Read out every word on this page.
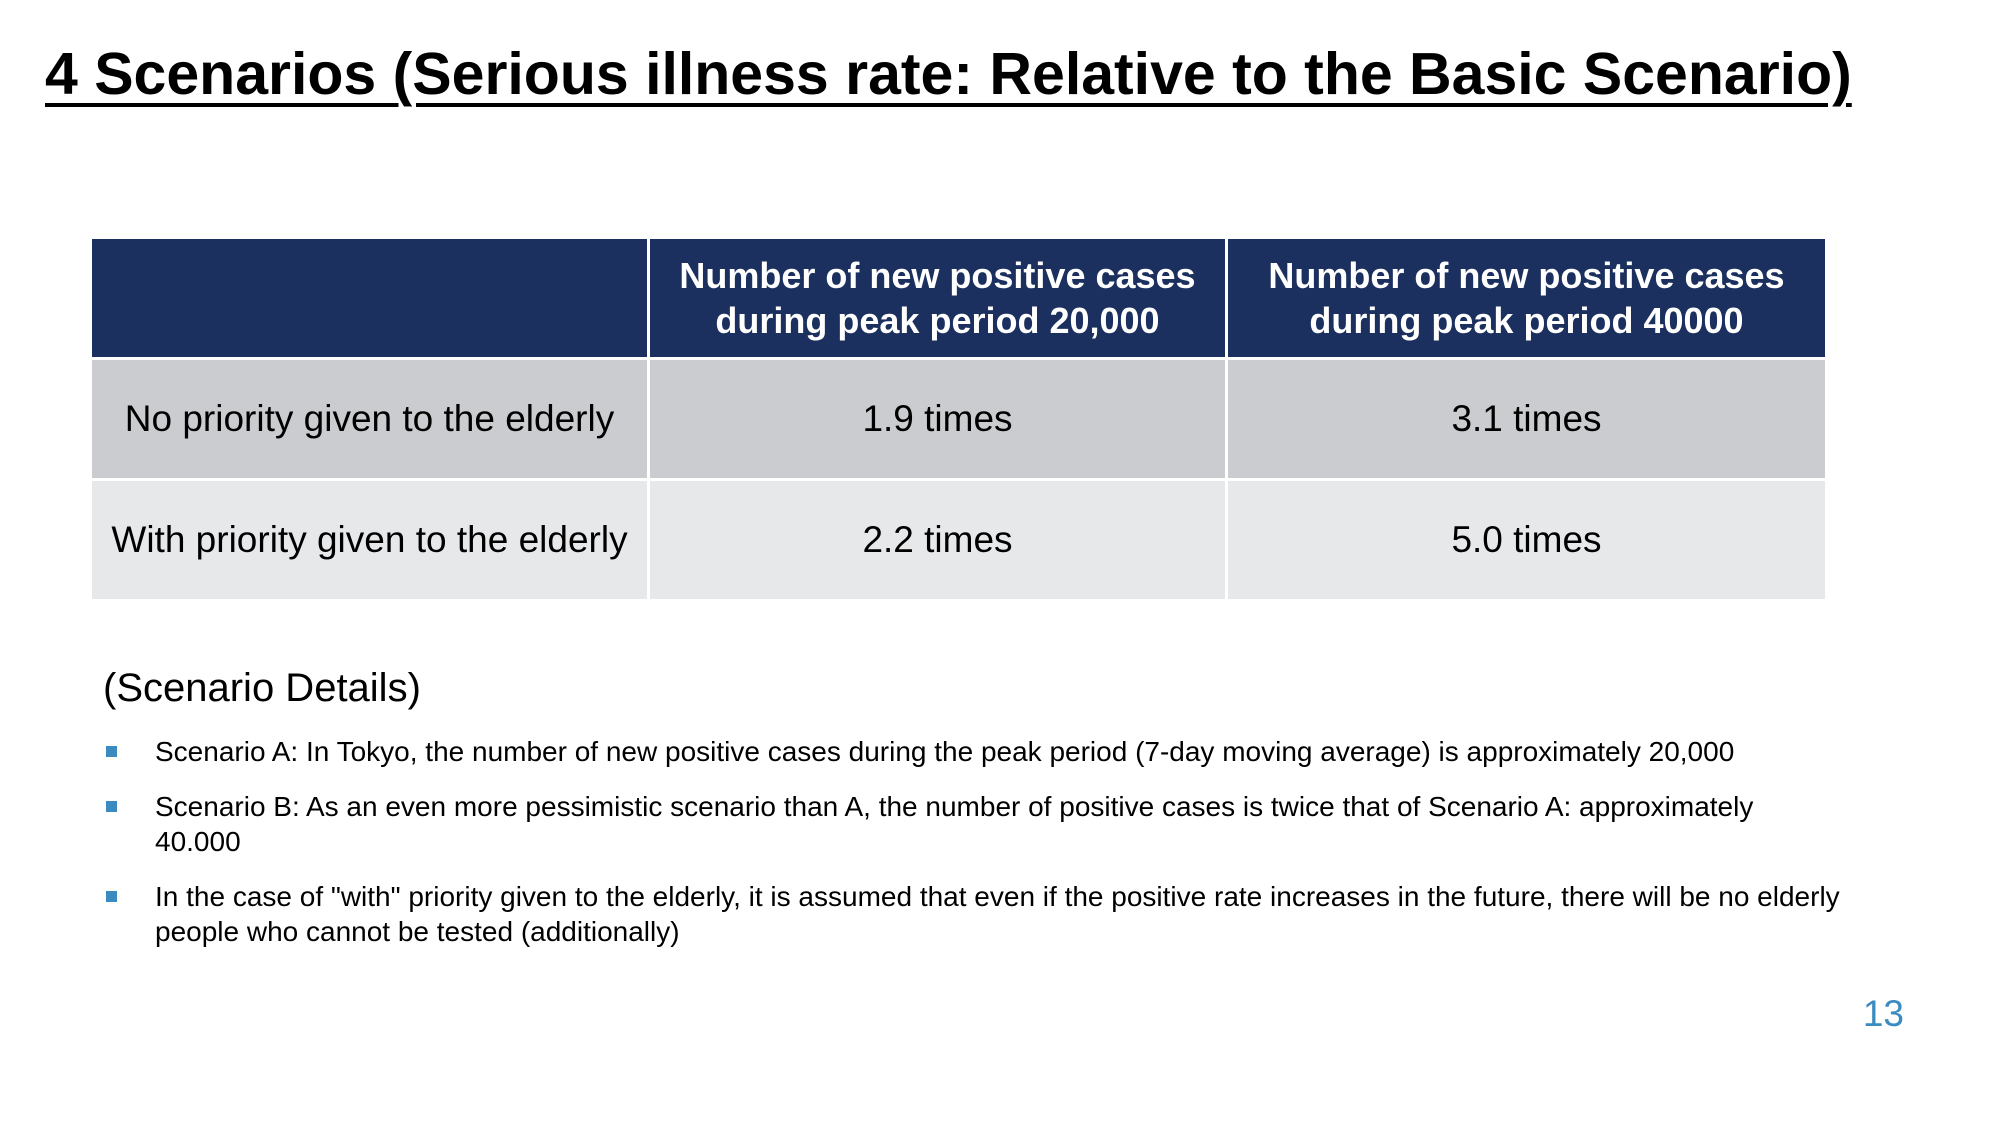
4 Scenarios (Serious illness rate: Relative to the Basic Scenario)
	Number of new positive cases during peak period 20,000	Number of new positive cases during peak period 40000
No priority given to the elderly	1.9 times	3.1 times
With priority given to the elderly	2.2 times	5.0 times
(Scenario Details)
Scenario A: In Tokyo, the number of new positive cases during the peak period (7-day moving average) is approximately 20,000
Scenario B: As an even more pessimistic scenario than A, the number of positive cases is twice that of Scenario A: approximately 40.000
In the case of "with" priority given to the elderly, it is assumed that even if the positive rate increases in the future, there will be no elderly people who cannot be tested (additionally)
13
